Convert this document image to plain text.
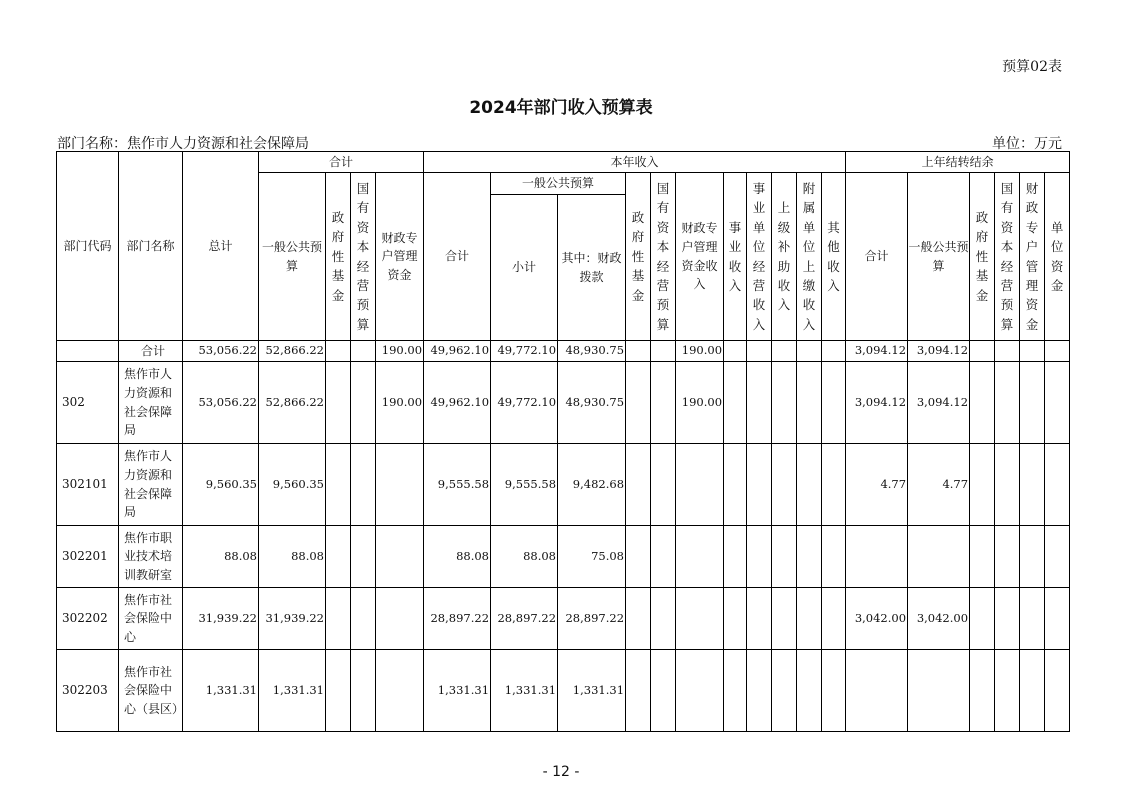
预算02表
2024年部门收入预算表
部门名称：焦作市人力资源和社会保障局	单位：万元
部门代码	部门名称	总计	合计				本年收入											上年结转结余					
			一般公共预算	政府性基金	国有资本经营预算	财政专户管理资金	合计	一般公共预算		政府性基金	国有资本经营预算	财政专户管理资金收入	事业收入	事业单位经营收入	上级补助收入	附属单位上缴收入	其他收入	合计	一般公共预算	政府性基金	国有资本经营预算	财政专户管理资金	单位资金
								小计	其中：财政拨款														
	合计	53,056.22	52,866.22			190.00	49,962.10	49,772.10	48,930.75			190.00						3,094.12	3,094.12				
302	焦作市人力资源和社会保障局	53,056.22	52,866.22			190.00	49,962.10	49,772.10	48,930.75			190.00						3,094.12	3,094.12				
302101	焦作市人力资源和社会保障局	9,560.35	9,560.35				9,555.58	9,555.58	9,482.68									4.77	4.77				
302201	焦作市职业技术培训教研室	88.08	88.08				88.08	88.08	75.08														
302202	焦作市社会保险中心	31,939.22	31,939.22				28,897.22	28,897.22	28,897.22									3,042.00	3,042.00				
302203	焦作市社会保险中心（县区）	1,331.31	1,331.31				1,331.31	1,331.31	1,331.31														
- 12 -
